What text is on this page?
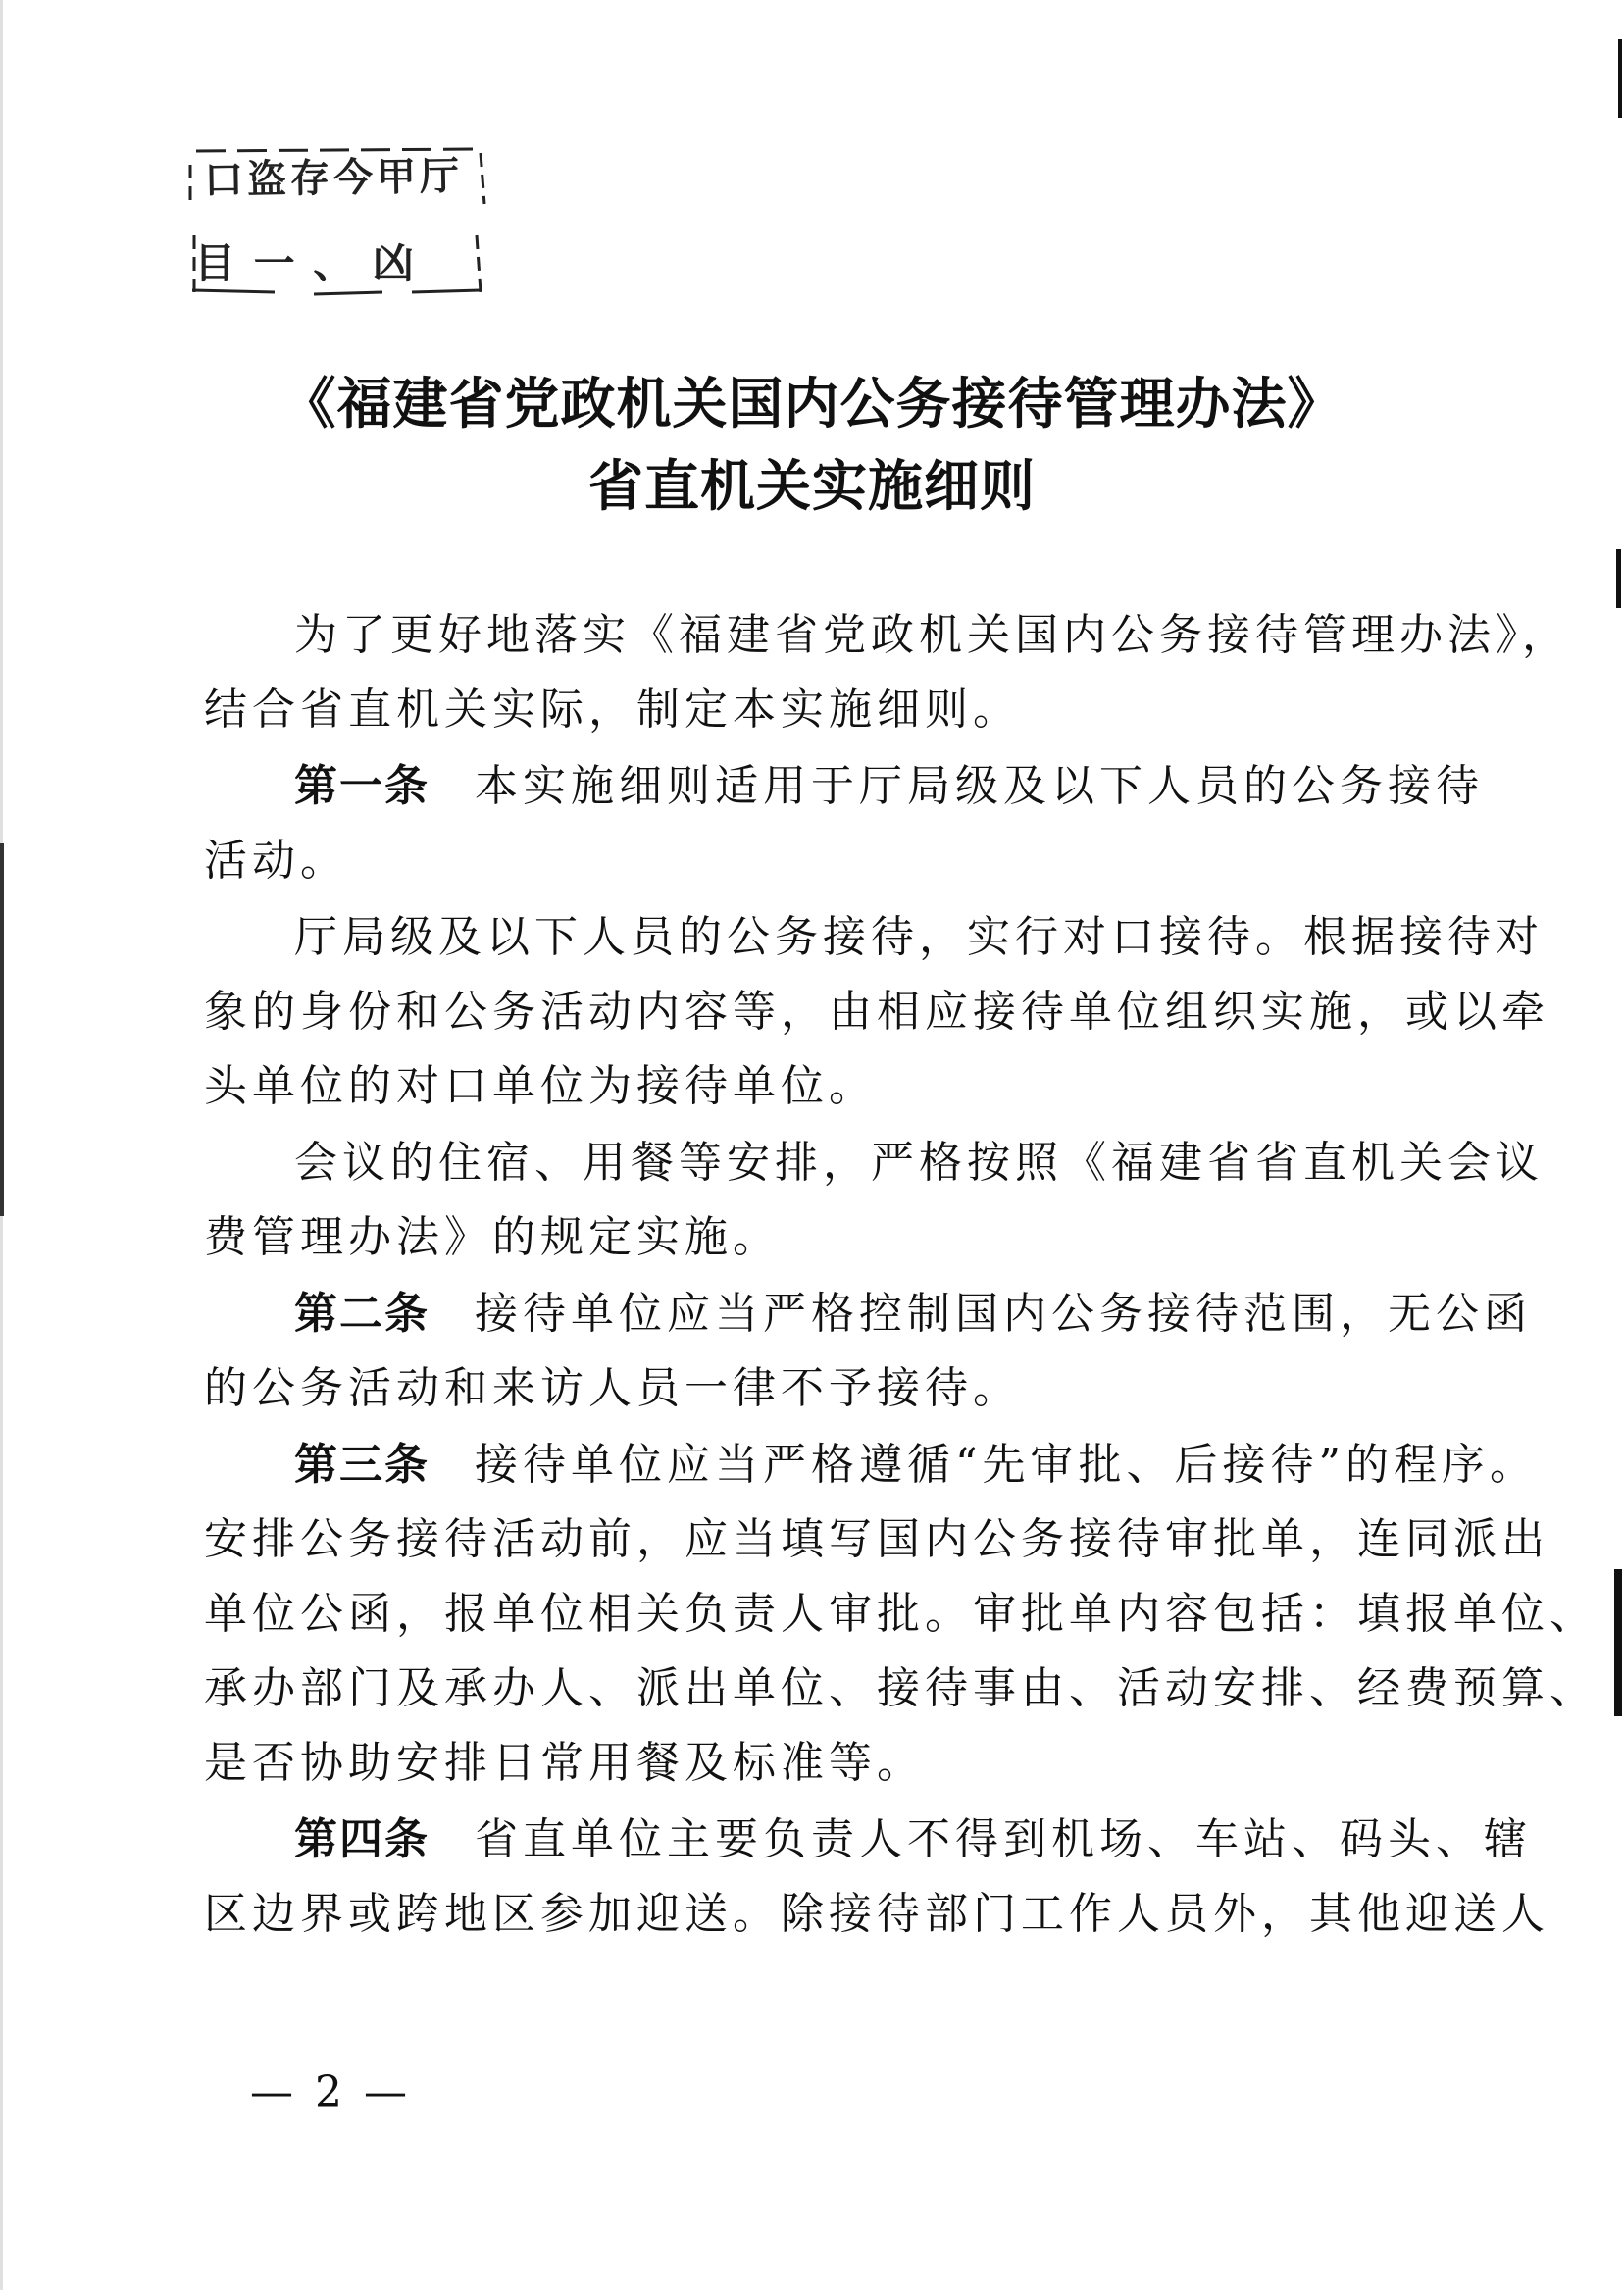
口盗存今甲厅
目 一 、 凶
《福建省党政机关国内公务接待管理办法》
省直机关实施细则
为了更好地落实《福建省党政机关国内公务接待管理办法》，
结合省直机关实际，制定本实施细则。
第一条 本实施细则适用于厅局级及以下人员的公务接待
活动。
厅局级及以下人员的公务接待，实行对口接待。根据接待对
象的身份和公务活动内容等，由相应接待单位组织实施，或以牵
头单位的对口单位为接待单位。
会议的住宿、用餐等安排，严格按照《福建省省直机关会议
费管理办法》的规定实施。
第二条 接待单位应当严格控制国内公务接待范围，无公函
的公务活动和来访人员一律不予接待。
第三条 接待单位应当严格遵循“先审批、后接待”的程序。
安排公务接待活动前，应当填写国内公务接待审批单，连同派出
单位公函，报单位相关负责人审批。审批单内容包括：填报单位、
承办部门及承办人、派出单位、接待事由、活动安排、经费预算、
是否协助安排日常用餐及标准等。
第四条 省直单位主要负责人不得到机场、车站、码头、辖
区边界或跨地区参加迎送。除接待部门工作人员外，其他迎送人
— 2 —
